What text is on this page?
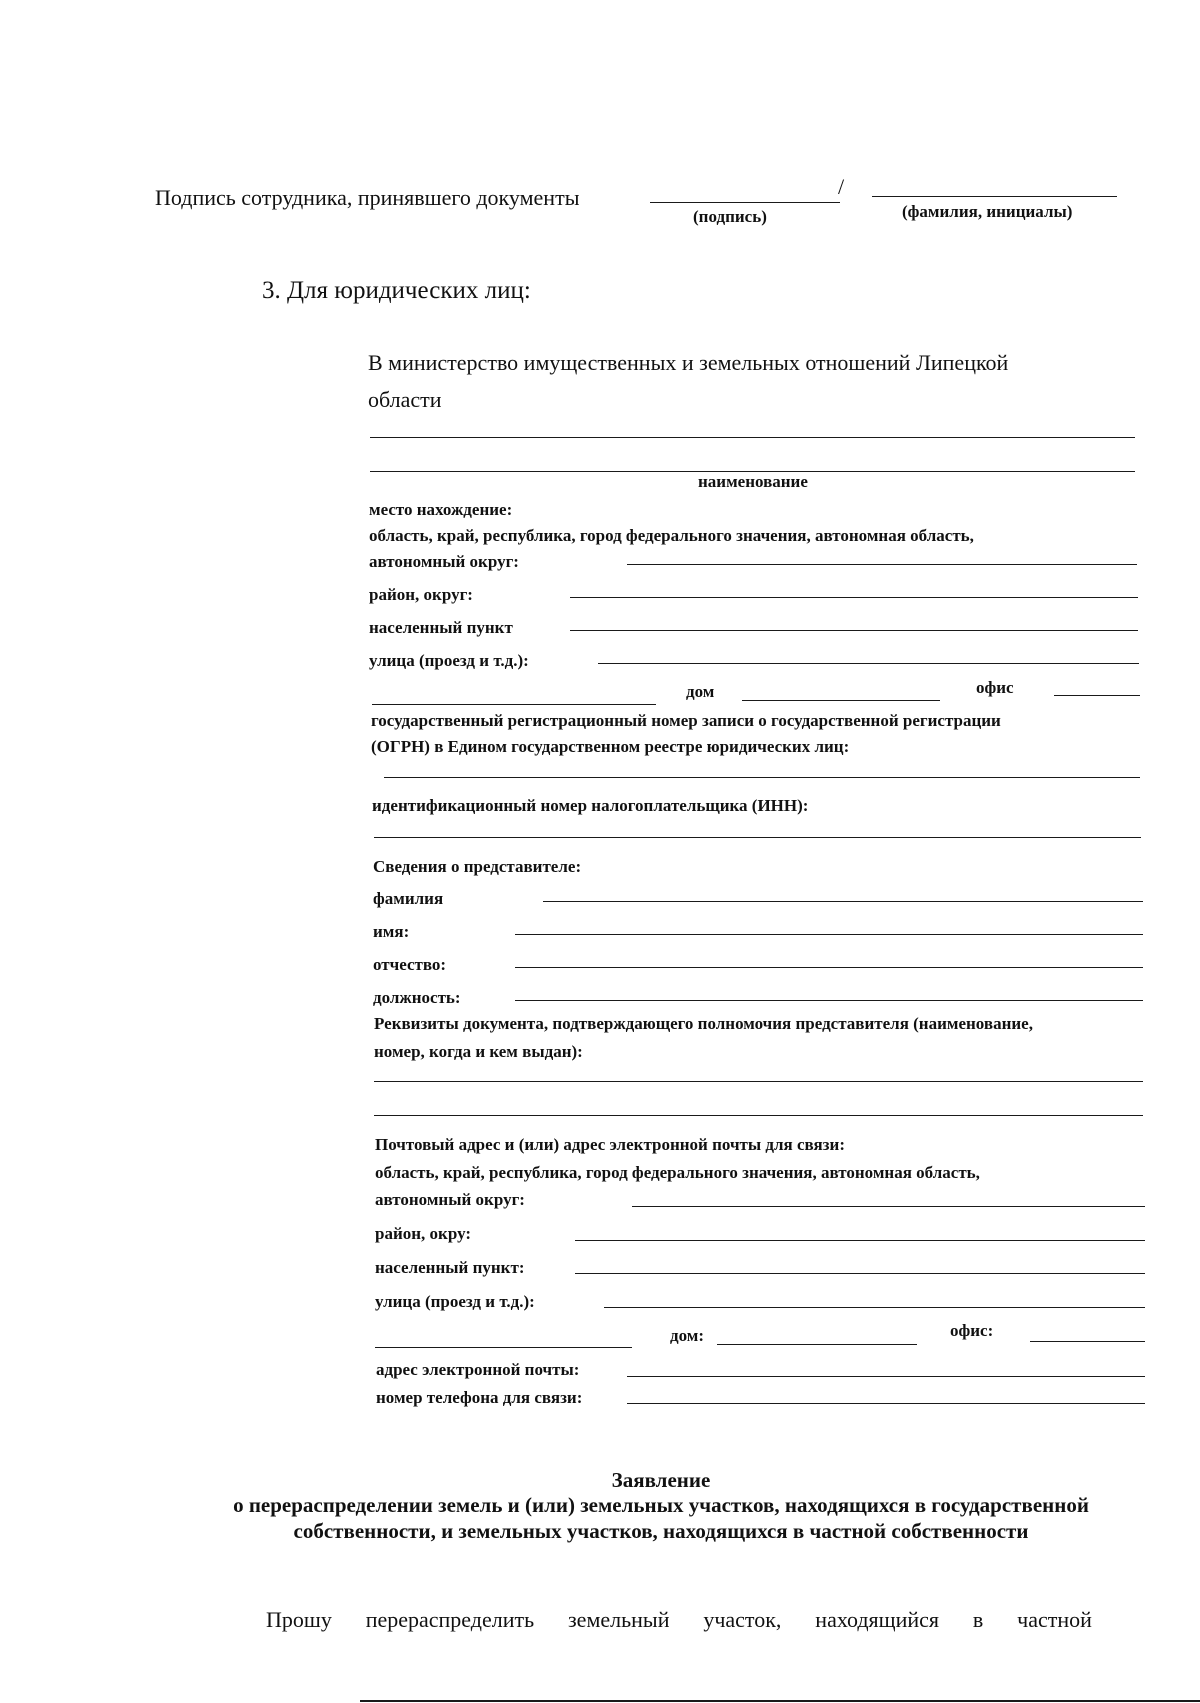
Подпись сотрудника, принявшего документы	/
(подпись)	(фамилия, инициалы)
3. Для юридических лиц:
В министерство имущественных и земельных отношений Липецкой
области
наименование
место нахождение:
область, край, республика, город федерального значения, автономная область,
автономный округ:
район, округ:
населенный пункт
улица (проезд и т.д.):
дом	офис
государственный регистрационный номер записи о государственной регистрации
(ОГРН) в Едином государственном реестре юридических лиц:
идентификационный номер налогоплательщика (ИНН):
Сведения о представителе:
фамилия
имя:
отчество:
должность:
Реквизиты документа, подтверждающего полномочия представителя (наименование,
номер, когда и кем выдан):
Почтовый адрес и (или) адрес электронной почты для связи:
область, край, республика, город федерального значения, автономная область,
автономный округ:
район, окру:
населенный пункт:
улица (проезд и т.д.):
дом:	офис:
адрес электронной почты:
номер телефона для связи:
Заявление
о перераспределении земель и (или) земельных участков, находящихся в государственной
собственности, и земельных участков, находящихся в частной собственности
Прошу перераспределить земельный участок, находящийся в частной
